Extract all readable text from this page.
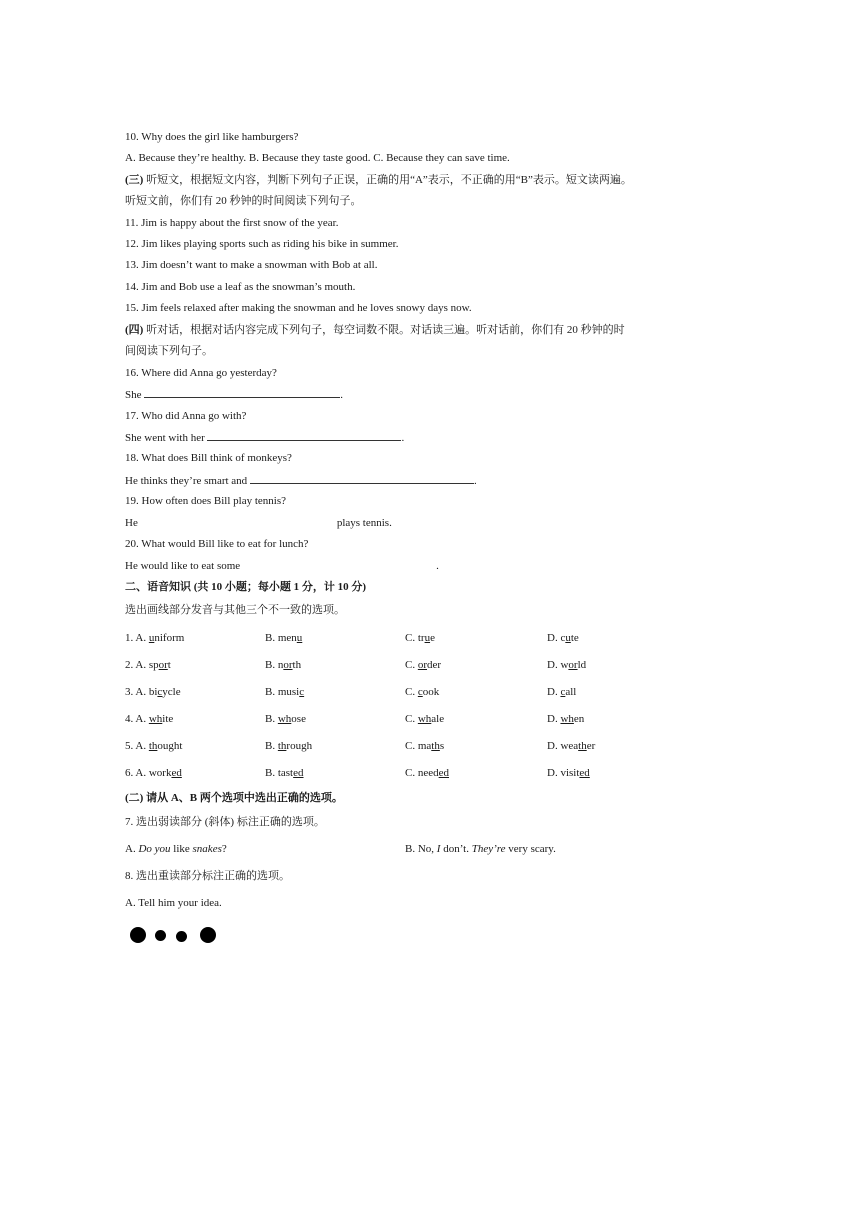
10. Why does the girl like hamburgers?
A. Because they’re healthy. B. Because they taste good. C. Because they can save time.
(三) 听短文，根据短文内容，判断下列句子正误，正确的用“A”表示，不正确的用“B”表示。短文读两遍。
听短文前，你们有 20 秒钟的时间阅读下列句子。
11. Jim is happy about the first snow of the year.
12. Jim likes playing sports such as riding his bike in summer.
13. Jim doesn’t want to make a snowman with Bob at all.
14. Jim and Bob use a leaf as the snowman’s mouth.
15. Jim feels relaxed after making the snowman and he loves snowy days now.
(四) 听对话，根据对话内容完成下列句子，每空词数不限。对话读三遍。听对话前，你们有 20 秒钟的时
间阅读下列句子。
16. Where did Anna go yesterday?
She	.
17. Who did Anna go with?
She went with her	.
18. What does Bill think of monkeys?
He thinks they’re smart and	.
19. How often does Bill play tennis?
He	plays tennis.
20. What would Bill like to eat for lunch?
He would like to eat some	.
二、语音知识 (共 10 小题；每小题 1 分，计 10 分)
选出画线部分发音与其他三个不一致的选项。
1. A. uniform	B. menu	C. true	D. cute
2. A. sport	B. north	C. order	D. world
3. A. bicycle	B. music	C. cook	D. call
4. A. white	B. whose	C. whale	D. when
5. A. thought	B. through	C. maths	D. weather
6. A. worked	B. tasted	C. needed	D. visited
(二) 请从 A、B 两个选项中选出正确的选项。
7. 选出弱读部分 (斜体) 标注正确的选项。
A. Do you like snakes?	B. No, I don’t. They’re very scary.
8. 选出重读部分标注正确的选项。
A. Tell him your idea.
